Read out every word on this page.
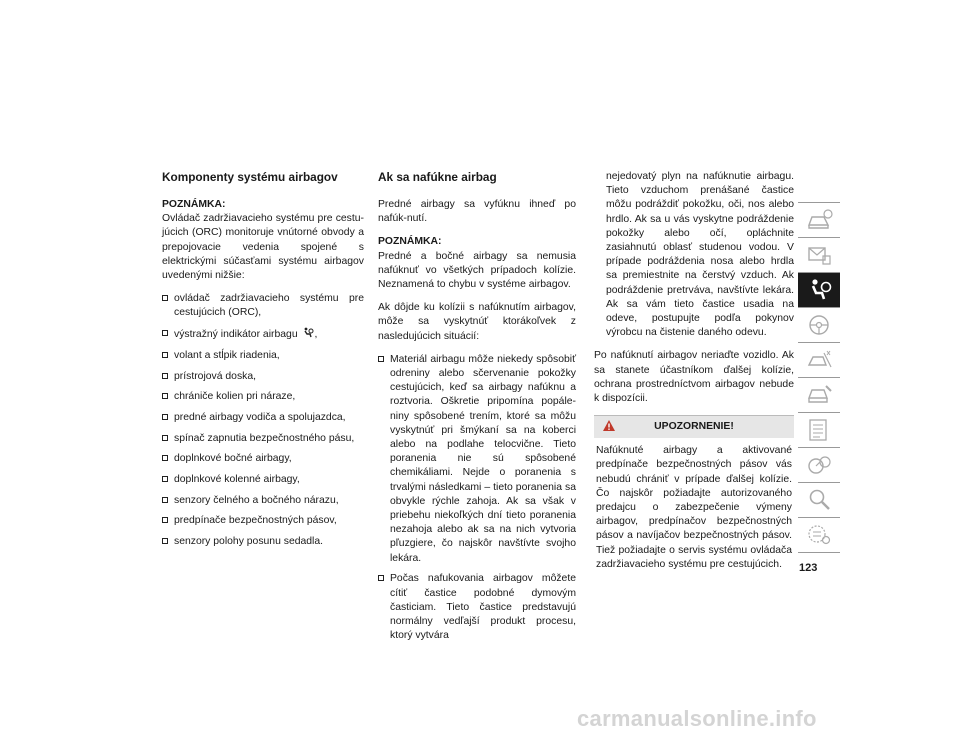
Komponenty systému airbagov

POZNÁMKA:

Ovládač zadržiavacieho systému pre cestu-júcich (ORC) monitoruje vnútorné obvody a prepojovacie vedenia spojené s elektrickými súčasťami systému airbagov uvedenými nižšie:

ovládač zadržiavacieho systému pre cestujúcich (ORC),
výstražný indikátor airbagu ,
volant a stĺpik riadenia,
prístrojová doska,
chrániče kolien pri náraze,
predné airbagy vodiča a spolujazdca,
spínač zapnutia bezpečnostného pásu,
doplnkové bočné airbagy,
doplnkové kolenné airbagy,
senzory čelného a bočného nárazu,
predpínače bezpečnostných pásov,
senzory polohy posunu sedadla.
Ak sa nafúkne airbag

Predné airbagy sa vyfúknu ihneď po nafúk-nutí.

POZNÁMKA:

Predné a bočné airbagy sa nemusia nafúknuť vo všetkých prípadoch kolízie. Neznamená to chybu v systéme airbagov.

Ak dôjde ku kolízii s nafúknutím airbagov, môže sa vyskytnúť ktorákoľvek z nasledujúcich situácií:

Materiál airbagu môže niekedy spôsobiť odreniny alebo sčervenanie pokožky cestujúcich, keď sa airbagy nafúknu a roztvoria. Oškretie pripomína popále-niny spôsobené trením, ktoré sa môžu vyskytnúť pri šmýkaní sa na koberci alebo na podlahe telocvične. Tieto poranenia nie sú spôsobené chemikáliami. Nejde o poranenia s trvalými následkami – tieto poranenia sa obvykle rýchle zahoja. Ak sa však v priebehu niekoľkých dní tieto poranenia nezahoja alebo ak sa na nich vytvoria pľuzgiere, čo najskôr navštívte svojho lekára.
Počas nafukovania airbagov môžete cítiť častice podobné dymovým časticiam. Tieto častice predstavujú normálny vedľajší produkt procesu, ktorý vytvára
nejedovatý plyn na nafúknutie airbagu. Tieto vzduchom prenášané častice môžu podráždiť pokožku, oči, nos alebo hrdlo. Ak sa u vás vyskytne podráždenie pokožky alebo očí, opláchnite zasiahnutú oblasť studenou vodou. V prípade podráždenia nosa alebo hrdla sa premiestnite na čerstvý vzduch. Ak podráždenie pretrváva, navštívte lekára. Ak sa vám tieto častice usadia na odeve, postupujte podľa pokynov výrobcu na čistenie daného odevu.

Po nafúknutí airbagov neriaďte vozidlo. Ak sa stanete účastníkom ďalšej kolízie, ochrana prostredníctvom airbagov nebude k dispozícii.

UPOZORNENIE!
Nafúknuté airbagy a aktivované predpínače bezpečnostných pásov vás nebudú chrániť v prípade ďalšej kolízie. Čo najskôr požiadajte autorizovaného predajcu o zabezpečenie výmeny airbagov, predpínačov bezpečnostných pásov a navíjačov bezpečnostných pásov. Tiež požiadajte o servis systému ovládača zadržiavacieho systému pre cestujúcich.	123
carmanualsonline.info
